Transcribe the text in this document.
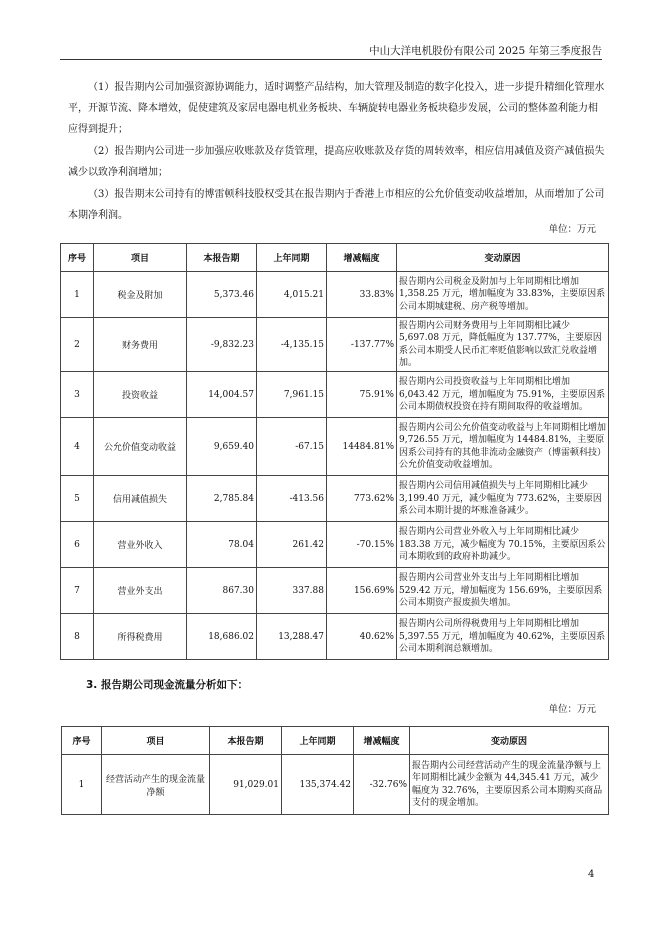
中山大洋电机股份有限公司 2025 年第三季度报告

（1）报告期内公司加强资源协调能力，适时调整产品结构，加大管理及制造的数字化投入，进一步提升精细化管理水平，开源节流、降本增效，促使建筑及家居电器电机业务板块、车辆旋转电器业务板块稳步发展，公司的整体盈利能力相应得到提升；

（2）报告期内公司进一步加强应收账款及存货管理，提高应收账款及存货的周转效率，相应信用减值及资产减值损失减少以致净利润增加；

（3）报告期末公司持有的博雷顿科技股权受其在报告期内于香港上市相应的公允价值变动收益增加，从而增加了公司本期净利润。

单位：万元
序号	项目	本报告期	上年同期	增减幅度	变动原因
1	税金及附加	5,373.46	4,015.21	33.83%	报告期内公司税金及附加与上年同期相比增加 1,358.25 万元，增加幅度为 33.83%，主要原因系公司本期城建税、房产税等增加。
2	财务费用	-9,832.23	-4,135.15	-137.77%	报告期内公司财务费用与上年同期相比减少 5,697.08 万元，降低幅度为 137.77%，主要原因系公司本期受人民币汇率贬值影响以致汇兑收益增加。
3	投资收益	14,004.57	7,961.15	75.91%	报告期内公司投资收益与上年同期相比增加 6,043.42 万元，增加幅度为 75.91%，主要原因系公司本期债权投资在持有期间取得的收益增加。
4	公允价值变动收益	9,659.40	-67.15	14484.81%	报告期内公司公允价值变动收益与上年同期相比增加 9,726.55 万元，增加幅度为 14484.81%，主要原因系公司持有的其他非流动金融资产（博雷顿科技）公允价值变动收益增加。
5	信用减值损失	2,785.84	-413.56	773.62%	报告期内公司信用减值损失与上年同期相比减少 3,199.40 万元，减少幅度为 773.62%，主要原因系公司本期计提的坏账准备减少。
6	营业外收入	78.04	261.42	-70.15%	报告期内公司营业外收入与上年同期相比减少 183.38 万元，减少幅度为 70.15%，主要原因系公司本期收到的政府补助减少。
7	营业外支出	867.30	337.88	156.69%	报告期内公司营业外支出与上年同期相比增加 529.42 万元，增加幅度为 156.69%，主要原因系公司本期资产报废损失增加。
8	所得税费用	18,686.02	13,288.47	40.62%	报告期内公司所得税费用与上年同期相比增加 5,397.55 万元，增加幅度为 40.62%，主要原因系公司本期利润总额增加。
3. 报告期公司现金流量分析如下：
单位：万元
序号	项目	本报告期	上年同期	增减幅度	变动原因
1	经营活动产生的现金流量净额	91,029.01	135,374.42	-32.76%	报告期内公司经营活动产生的现金流量净额与上年同期相比减少金额为 44,345.41 万元，减少幅度为 32.76%，主要原因系公司本期购买商品支付的现金增加。
4
